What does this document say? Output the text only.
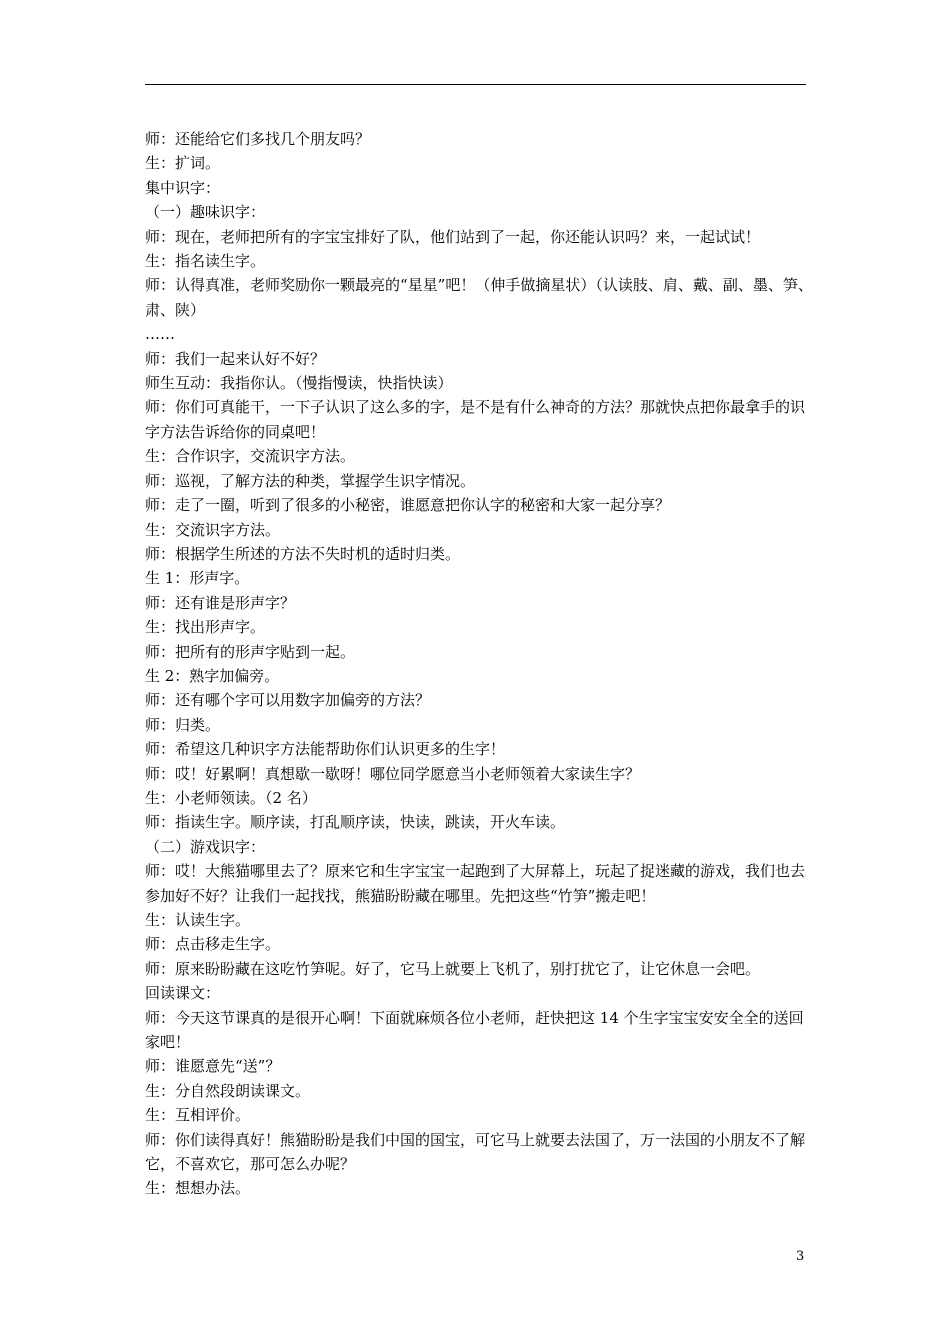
师：还能给它们多找几个朋友吗？

生：扩词。

集中识字：

（一）趣味识字：

师：现在，老师把所有的字宝宝排好了队，他们站到了一起，你还能认识吗？来，一起试试！

生：指名读生字。

师：认得真准，老师奖励你一颗最亮的“星星”吧！（伸手做摘星状）（认读肢、肩、戴、副、墨、笋、肃、陕）

……

师：我们一起来认好不好？

师生互动：我指你认。（慢指慢读，快指快读）

师：你们可真能干，一下子认识了这么多的字，是不是有什么神奇的方法？那就快点把你最拿手的识字方法告诉给你的同桌吧！

生：合作识字，交流识字方法。

师：巡视，了解方法的种类，掌握学生识字情况。

师：走了一圈，听到了很多的小秘密，谁愿意把你认字的秘密和大家一起分享？

生：交流识字方法。

师：根据学生所述的方法不失时机的适时归类。

生 1：形声字。

师：还有谁是形声字？

生：找出形声字。

师：把所有的形声字贴到一起。

生 2：熟字加偏旁。

师：还有哪个字可以用数字加偏旁的方法？

师：归类。

师：希望这几种识字方法能帮助你们认识更多的生字！

师：哎！好累啊！真想歇一歇呀！哪位同学愿意当小老师领着大家读生字？

生：小老师领读。（2 名）

师：指读生字。顺序读，打乱顺序读，快读，跳读，开火车读。

（二）游戏识字：

师：哎！大熊猫哪里去了？原来它和生字宝宝一起跑到了大屏幕上，玩起了捉迷藏的游戏，我们也去参加好不好？让我们一起找找，熊猫盼盼藏在哪里。先把这些“竹笋”搬走吧！

生：认读生字。

师：点击移走生字。

师：原来盼盼藏在这吃竹笋呢。好了，它马上就要上飞机了，别打扰它了，让它休息一会吧。

回读课文：

师：今天这节课真的是很开心啊！下面就麻烦各位小老师，赶快把这 14 个生字宝宝安安全全的送回家吧！

师：谁愿意先“送”？

生：分自然段朗读课文。

生：互相评价。

师：你们读得真好！熊猫盼盼是我们中国的国宝，可它马上就要去法国了，万一法国的小朋友不了解它，不喜欢它，那可怎么办呢？

生：想想办法。

3
